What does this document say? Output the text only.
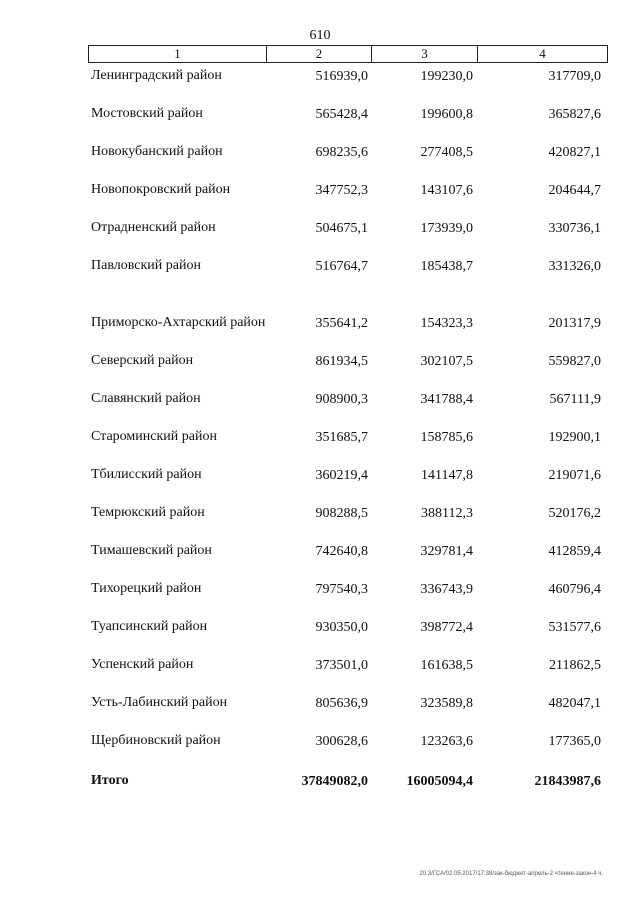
610
1	2	3	4
Ленинградский район	516939,0	199230,0	317709,0
Мостовский район	565428,4	199600,8	365827,6
Новокубанский район	698235,6	277408,5	420827,1
Новопокровский район	347752,3	143107,6	204644,7
Отрадненский район	504675,1	173939,0	330736,1
Павловский район	516764,7	185438,7	331326,0
Приморско-Ахтарский район	355641,2	154323,3	201317,9
Северский район	861934,5	302107,5	559827,0
Славянский район	908900,3	341788,4	567111,9
Староминский район	351685,7	158785,6	192900,1
Тбилисский район	360219,4	141147,8	219071,6
Темрюкский район	908288,5	388112,3	520176,2
Тимашевский район	742640,8	329781,4	412859,4
Тихорецкий район	797540,3	336743,9	460796,4
Туапсинский район	930350,0	398772,4	531577,6
Успенский район	373501,0	161638,5	211862,5
Усть-Лабинский район	805636,9	323589,8	482047,1
Щербиновский район	300628,6	123263,6	177365,0
Итого	37849082,0	16005094,4	21843987,6
20.3/ГСА/02.05.2017/17:38/зак-бюджет-апрель-2 чтение-закон-4 ч.
